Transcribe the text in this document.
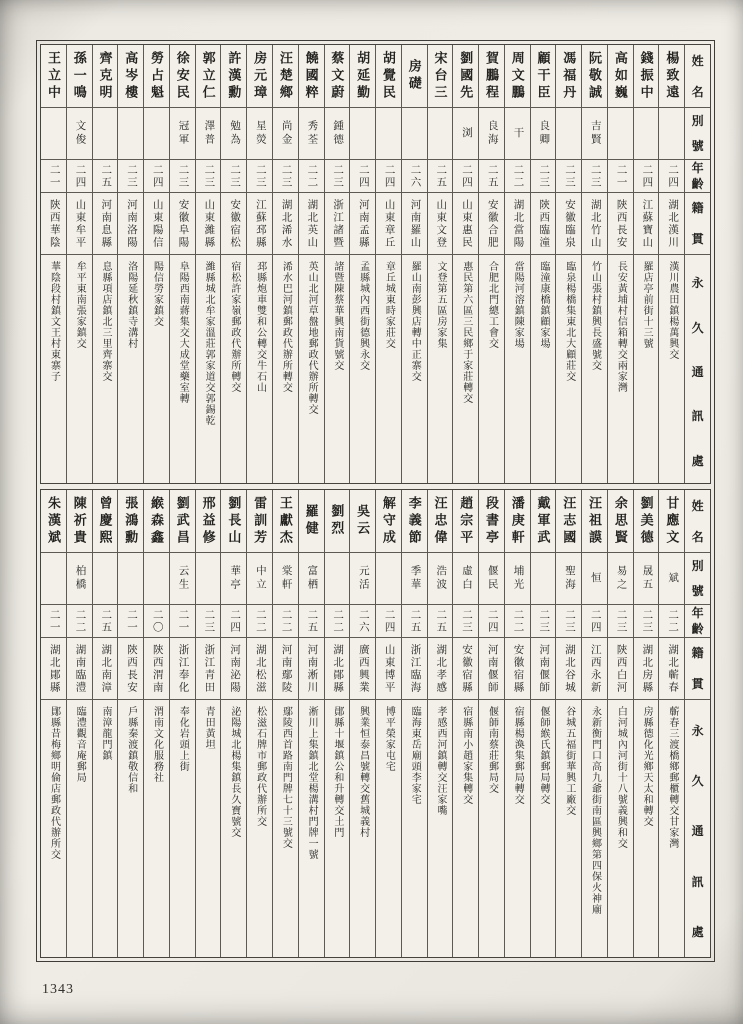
姓
名
別
號
年
齡
籍
貫
永
久
通
訊
處
楊致遠
二四
湖北漢川
漢川農田鎮楊萬興交
錢振中
二四
江蘇寶山
羅店亭前街十三號
高如巍
二一
陝西長安
長安黃埔村信箱轉交兩家灣
阮敬誠
吉賢
二三
湖北竹山
竹山張村鎮興長盛號交
馮福丹
二三
安徽臨泉
臨泉楊橋集東北大顧莊交
顧干臣
良卿
二三
陝西臨潼
臨潼康橋鎮顧家場
周文鵬
干
二二
湖北當陽
當陽河溶鎮陳家場
賀鵬程
良海
二五
安徽合肥
合肥北門總工會交
劉國先
浏
二四
山東惠民
惠民第六區三民鄉于家莊轉交
宋台三
二五
山東文登
文登第五區房家集
房礎
二六
河南羅山
羅山南彭興店轉中正寨交
胡覺民
二四
山東章丘
章丘城東時家莊交
胡延勤
二四
河南孟縣
孟縣城內西街德興永交
蔡文蔚
鍾德
二三
浙江諸暨
諸暨陳蔡華興南貨號交
饒國粹
秀荃
二二
湖北英山
英山北河草盤地郵政代辦所轉交
汪楚鄉
尚金
二三
湖北浠水
浠水巴河鎮郵政代辦所轉交
房元璋
星熒
二三
江蘇邳縣
邳縣炮車雙和公轉交牛石山
許漢勳
勉為
二三
安徽宿松
宿松許家嶺郵政代辦所轉交
郭立仁
澤普
二三
山東濰縣
濰縣城北牟家溫莊郭家道交郭錫乾
徐安民
冠軍
二三
安徽阜陽
阜陽西南蔣集交大成堂藥室轉
勞占魁
二四
山東陽信
陽信勞家鎮交
高岑樓
二三
河南洛陽
洛陽延秋鎮寺溝村
齊克明
二五
河南息縣
息縣項店鎮北三里齊寨交
孫一鳴
文俊
二四
山東牟平
牟平東南張家鎮交
王立中
二一
陝西華陰
華陰段村鎮文王村東寨子
姓
名
別
號
年
齡
籍
貫
永
久
通
訊
處
甘應文
斌
二二
湖北蘄春
蘄春三渡橋鄉郵櫃轉交甘家灣
劉美德
晟五
二三
湖北房縣
房縣德化光鄉天太和轉交
余思賢
易之
二三
陝西白河
白河城內河街十八號義興和交
汪祖謨
恒
二四
江西永新
永新衡門口高九爺街南區興鄉第四保火神廟
汪志國
聖海
二三
湖北谷城
谷城五福街華興工廠交
戴軍武
二三
河南偃師
偃師緱氏鎮郵局轉交
潘庚軒
埔光
二二
安徽宿縣
宿縣楊渙集郵局轉交
段書亭
偃民
二四
河南偃師
偃師南蔡莊郵局交
趙宗平
虛白
二三
安徽宿縣
宿縣南小趙家集轉交
汪忠偉
浩波
二五
湖北孝感
孝感西河鎮轉交汪家嘴
李義節
季華
二五
浙江臨海
臨海東岳廟頭李家宅
解守成
二四
山東博平
博平榮家屯宅
吳云
元活
二六
廣西興業
興業恒泰昌號轉交舊城義村
劉烈
二二
湖北鄖縣
鄖縣十堰鎮公和升轉交土門
羅健
富栖
二五
河南淅川
淅川上集鎮北堂楊溝村門牌一號
王獻杰
棠軒
二二
河南鄢陵
鄢陵西首路南門牌七十三號交
雷訓芳
中立
二二
湖北松滋
松滋石牌市郵政代辦所交
劉長山
華亭
二四
河南泌陽
泌陽城北楊集鎮長久寶號交
邢益修
二三
浙江青田
青田黃坦
劉武昌
云生
二一
浙江奉化
奉化岩頭上街
緱森鑫
二〇
陝西渭南
渭南文化服務社
張鴻勳
二一
陝西長安
戶縣秦渡鎮敬信和
曾慶熙
二五
湖北南漳
南漳龍門鎮
陳祈貴
柏橋
二二
湖南臨澧
臨澧觀音庵郵局
朱漢斌
二一
湖北鄖縣
鄖縣昔梅鄉明倫店郵政代辦所交
1343
